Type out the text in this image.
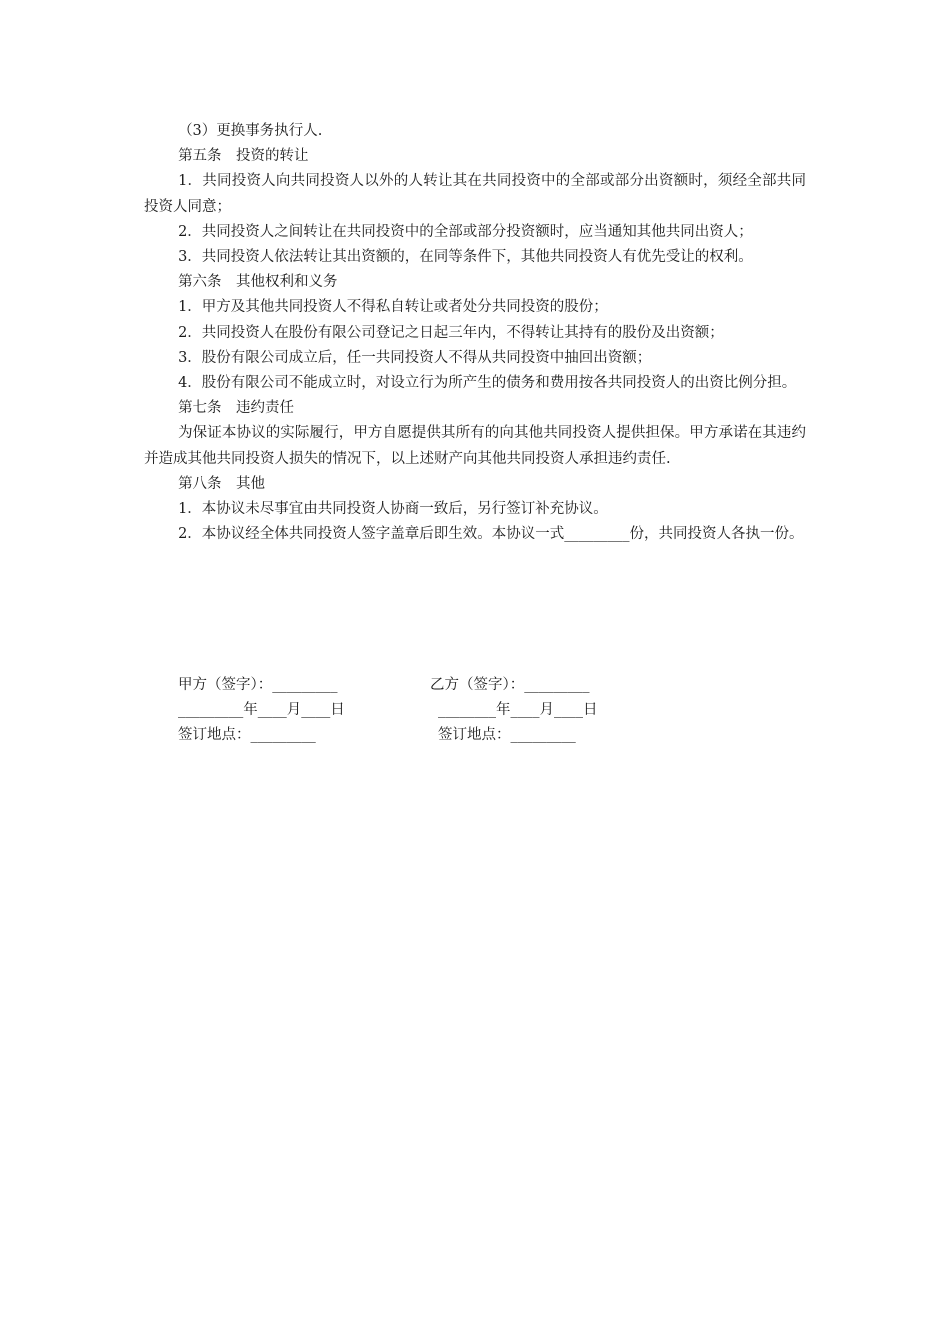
（3）更换事务执行人.

第五条　投资的转让

1．共同投资人向共同投资人以外的人转让其在共同投资中的全部或部分出资额时，须经全部共同投资人同意；

2．共同投资人之间转让在共同投资中的全部或部分投资额时，应当通知其他共同出资人；

3．共同投资人依法转让其出资额的，在同等条件下，其他共同投资人有优先受让的权利。

第六条　其他权利和义务

1．甲方及其他共同投资人不得私自转让或者处分共同投资的股份；

2．共同投资人在股份有限公司登记之日起三年内，不得转让其持有的股份及出资额；

3．股份有限公司成立后，任一共同投资人不得从共同投资中抽回出资额；

4．股份有限公司不能成立时，对设立行为所产生的债务和费用按各共同投资人的出资比例分担。

第七条　违约责任

为保证本协议的实际履行，甲方自愿提供其所有的向其他共同投资人提供担保。甲方承诺在其违约并造成其他共同投资人损失的情况下，以上述财产向其他共同投资人承担违约责任.

第八条　其他

1．本协议未尽事宜由共同投资人协商一致后，另行签订补充协议。

2．本协议经全体共同投资人签字盖章后即生效。本协议一式_________份，共同投资人各执一份。

甲方（签字）：_________	乙方（签字）：_________
_________年____月____日	________年____月____日
签订地点：_________	签订地点：_________
